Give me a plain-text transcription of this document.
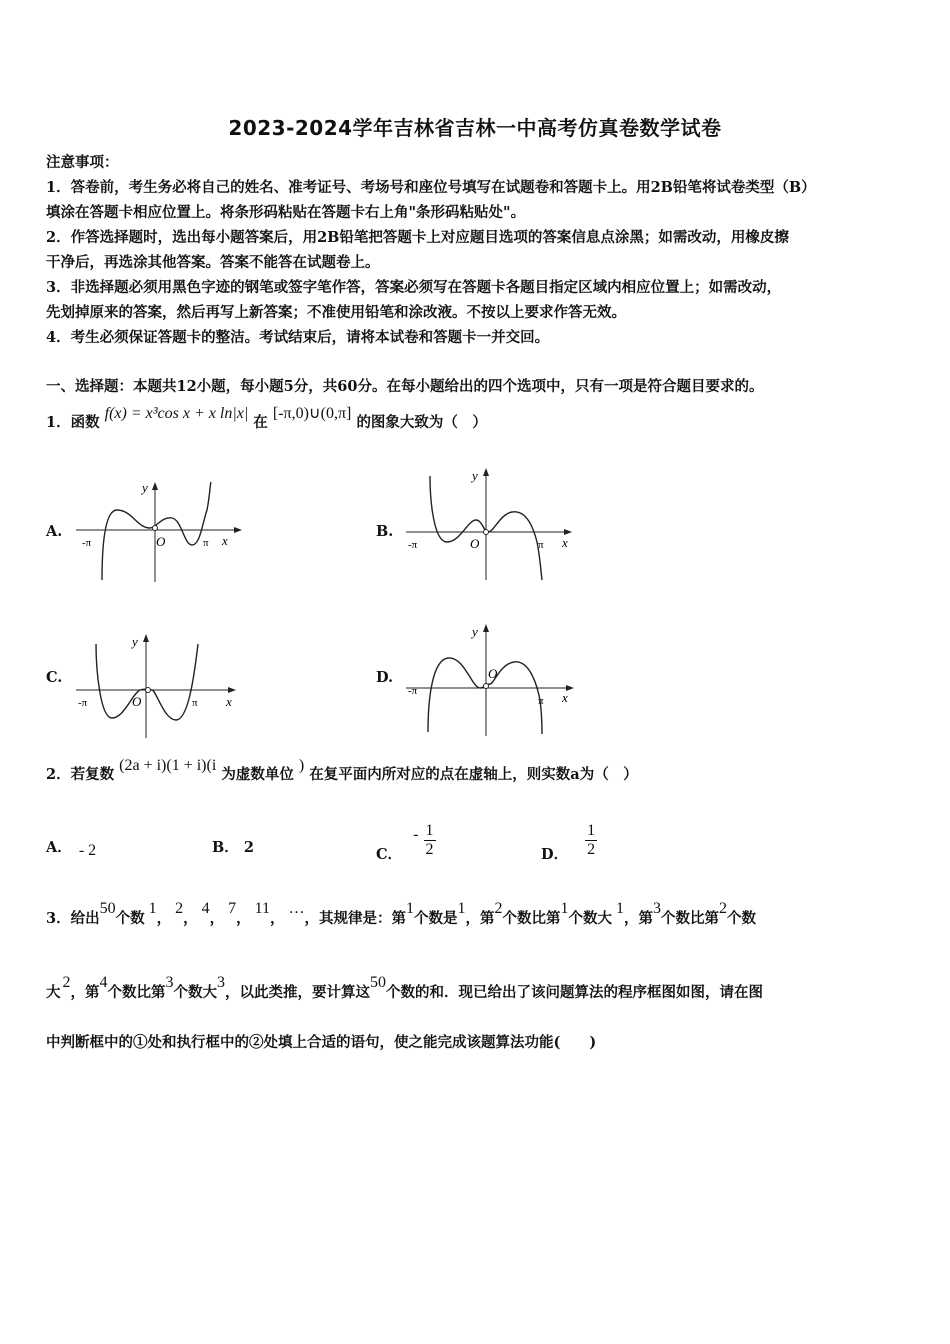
2023-2024学年吉林省吉林一中高考仿真卷数学试卷
注意事项：
1．答卷前，考生务必将自己的姓名、准考证号、考场号和座位号填写在试题卷和答题卡上。用2B铅笔将试卷类型（B）
填涂在答题卡相应位置上。将条形码粘贴在答题卡右上角"条形码粘贴处"。
2．作答选择题时，选出每小题答案后，用2B铅笔把答题卡上对应题目选项的答案信息点涂黑；如需改动，用橡皮擦
干净后，再选涂其他答案。答案不能答在试题卷上。
3．非选择题必须用黑色字迹的钢笔或签字笔作答，答案必须写在答题卡各题目指定区域内相应位置上；如需改动，
先划掉原来的答案，然后再写上新答案；不准使用铅笔和涂改液。不按以上要求作答无效。
4．考生必须保证答题卡的整洁。考试结束后，请将本试卷和答题卡一并交回。
一、选择题：本题共12小题，每小题5分，共60分。在每小题给出的四个选项中，只有一项是符合题目要求的。
1．函数 f(x) = x³cos x + x ln|x| 在 [-π,0)∪(0,π] 的图象大致为（　）
A.	B.
C.	D.
y
x
O
-π	π
y
x
O
-π	π
y
x
O
-π	π
y
x
O
-π
π
2．若复数 (2a + i)(1 + i)(i 为虚数单位 ) 在复平面内所对应的点在虚轴上，则实数a为（　）
A． - 2	B． 2	C． - $\frac{1}{2}$	D． $\frac{1}{2}$
3．给出50个数1，2，4，7，11，…，其规律是：第1个数是1，第2个数比第1个数大1，第3个数比第2个数
大2，第4个数比第3个数大3，以此类推，要计算这50个数的和．现已给出了该问题算法的程序框图如图，请在图
中判断框中的①处和执行框中的②处填上合适的语句，使之能完成该题算法功能(　　)
